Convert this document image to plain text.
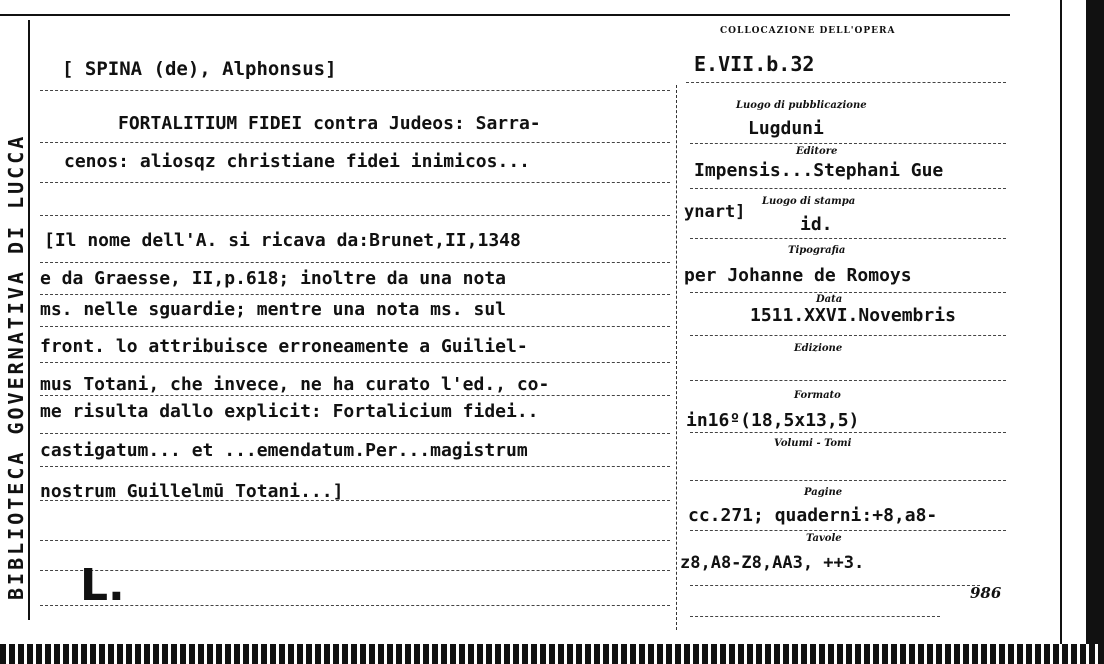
BIBLIOTECA GOVERNATIVA DI LUCCA
COLLOCAZIONE DELL'OPERA
E.VII.b.32
[ SPINA (de), Alphonsus]
FORTALITIUM FIDEI contra Judeos: Sarra-
cenos: aliosqz christiane fidei inimicos...
[Il nome dell'A. si ricava da:Brunet,II,1348
e da Graesse, II,p.618; inoltre da una nota
ms. nelle sguardie; mentre una nota ms. sul
front. lo attribuisce erroneamente a Guiliel-
mus Totani, che invece, ne ha curato l'ed., co-
me risulta dallo explicit: Fortalicium fidei..
castigatum... et ...emendatum.Per...magistrum
nostrum Guillelmū Totani...]
L.
Luogo di pubblicazione
Lugduni
Editore
Impensis...Stephani Gue
ynart]
Luogo di stampa
id.
Tipografia
per Johanne de Romoys
Data
1511.XXVI.Novembris
Edizione
Formato
in16º(18,5x13,5)
Volumi - Tomi
Pagine
cc.271; quaderni:+8,a8-
Tavole
z8,A8-Z8,AA3, ++3.
986
